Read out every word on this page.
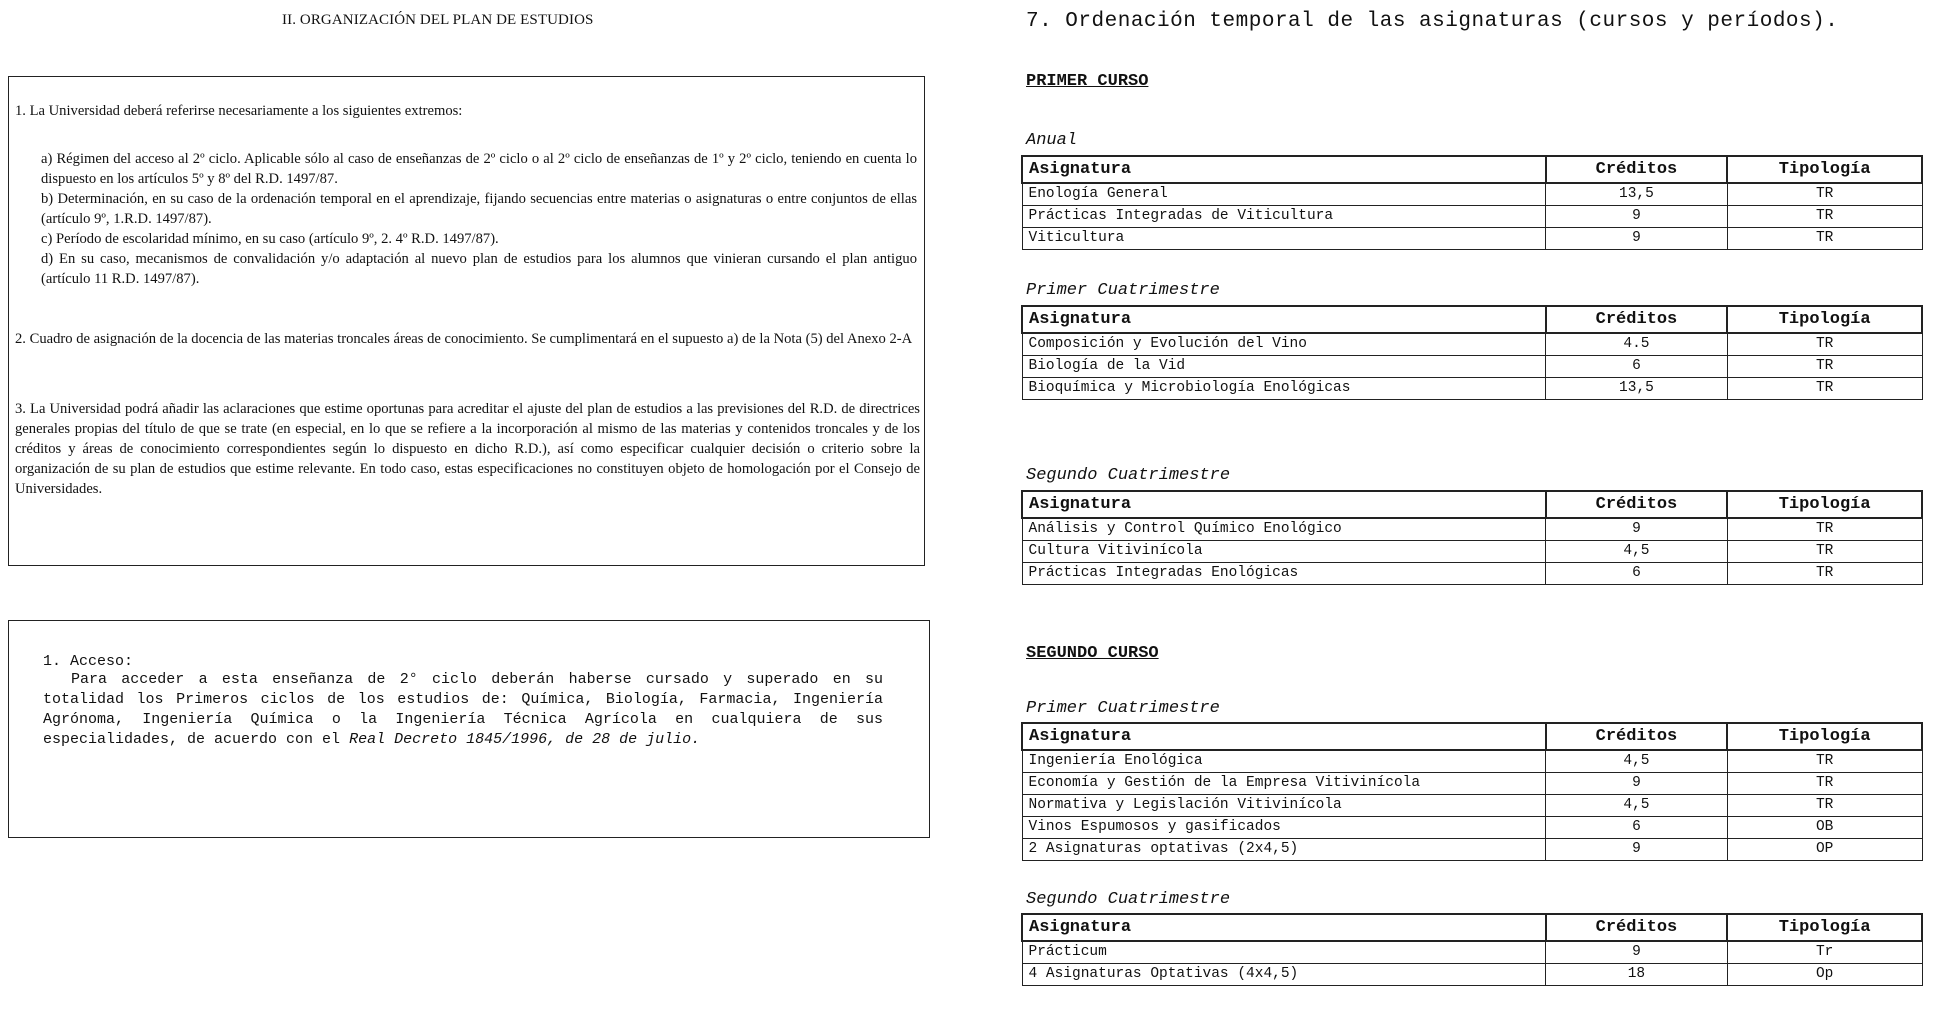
II. ORGANIZACIÓN DEL PLAN DE ESTUDIOS

1. La Universidad deberá referirse necesariamente a los siguientes extremos:

a) Régimen del acceso al 2º ciclo. Aplicable sólo al caso de enseñanzas de 2º ciclo o al 2º ciclo de enseñanzas de 1º y 2º ciclo, teniendo en cuenta lo dispuesto en los artículos 5º y 8º del R.D. 1497/87.

b) Determinación, en su caso de la ordenación temporal en el aprendizaje, fijando secuencias entre materias o asignaturas o entre conjuntos de ellas (artículo 9º, 1.R.D. 1497/87).

c) Período de escolaridad mínimo, en su caso (artículo 9º, 2. 4º R.D. 1497/87).

d) En su caso, mecanismos de convalidación y/o adaptación al nuevo plan de estudios para los alumnos que vinieran cursando el plan antiguo (artículo 11 R.D. 1497/87).

2. Cuadro de asignación de la docencia de las materias troncales áreas de conocimiento. Se cumplimentará en el supuesto a) de la Nota (5) del Anexo 2-A

3. La Universidad podrá añadir las aclaraciones que estime oportunas para acreditar el ajuste del plan de estudios a las previsiones del R.D. de directrices generales propias del título de que se trate (en especial, en lo que se refiere a la incorporación al mismo de las materias y contenidos troncales y de los créditos y áreas de conocimiento correspondientes según lo dispuesto en dicho R.D.), así como especificar cualquier decisión o criterio sobre la organización de su plan de estudios que estime relevante. En todo caso, estas especificaciones no constituyen objeto de homologación por el Consejo de Universidades.

1. Acceso:
Para acceder a esta enseñanza de 2° ciclo deberán haberse cursado y superado en su totalidad los Primeros ciclos de los estudios de: Química, Biología, Farmacia, Ingeniería Agrónoma, Ingeniería Química o la Ingeniería Técnica Agrícola en cualquiera de sus especialidades, de acuerdo con el Real Decreto 1845/1996, de 28 de julio.
7. Ordenación temporal de las asignaturas (cursos y períodos).
PRIMER CURSO
Anual
Asignatura	Créditos	Tipología
Enología General	13,5	TR
Prácticas Integradas de Viticultura	9	TR
Viticultura	9	TR
Primer Cuatrimestre
Asignatura	Créditos	Tipología
Composición y Evolución del Vino	4.5	TR
Biología de la Vid	6	TR
Bioquímica y Microbiología Enológicas	13,5	TR
Segundo Cuatrimestre
Asignatura	Créditos	Tipología
Análisis y Control Químico Enológico	9	TR
Cultura Vitivinícola	4,5	TR
Prácticas Integradas Enológicas	6	TR
SEGUNDO CURSO
Primer Cuatrimestre
Asignatura	Créditos	Tipología
Ingeniería Enológica	4,5	TR
Economía y Gestión de la Empresa Vitivinícola	9	TR
Normativa y Legislación Vitivinícola	4,5	TR
Vinos Espumosos y gasificados	6	OB
2 Asignaturas optativas (2x4,5)	9	OP
Segundo Cuatrimestre
Asignatura	Créditos	Tipología
Prácticum	9	Tr
4 Asignaturas Optativas (4x4,5)	18	Op
